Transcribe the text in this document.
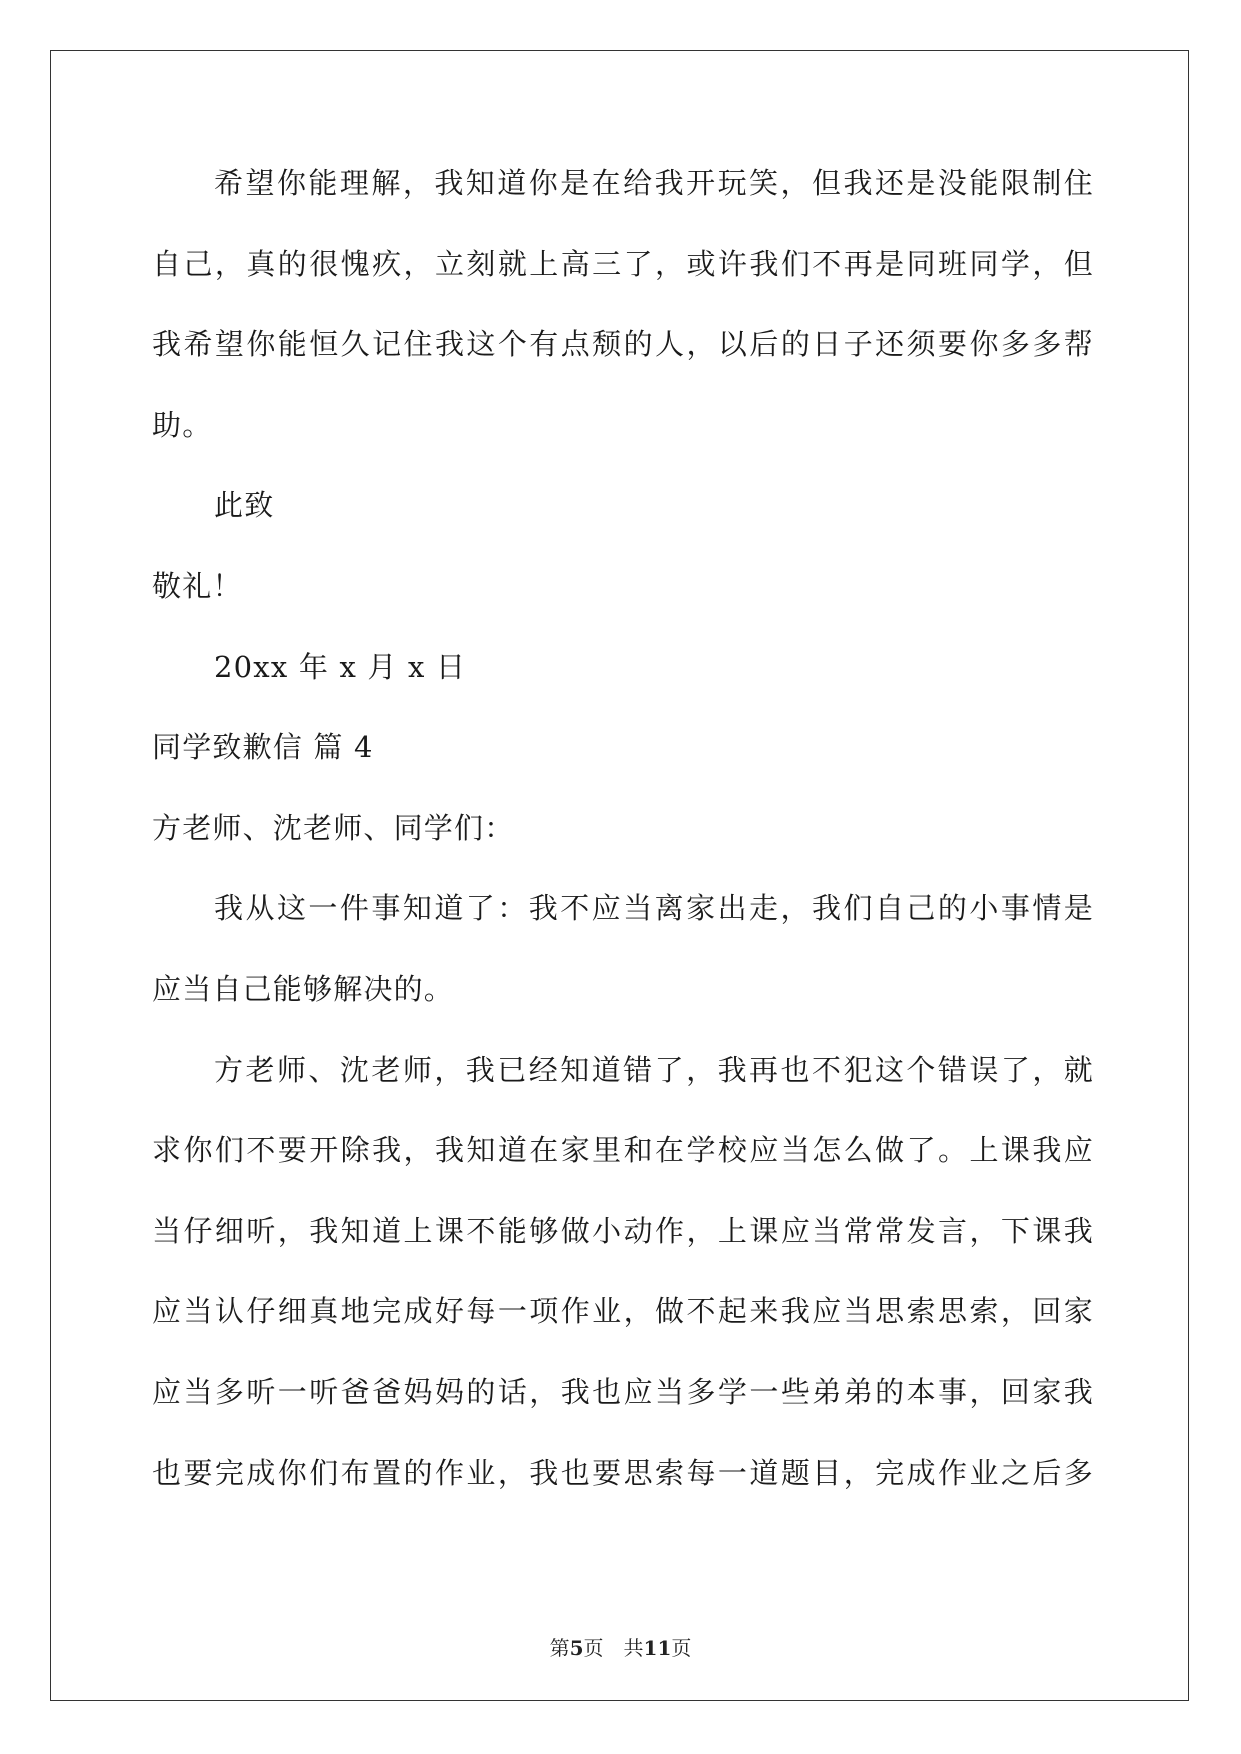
希望你能理解，我知道你是在给我开玩笑，但我还是没能限制住
自己，真的很愧疚，立刻就上高三了，或许我们不再是同班同学，但
我希望你能恒久记住我这个有点颓的人，以后的日子还须要你多多帮
助。
此致
敬礼！
20xx 年 x 月 x 日
同学致歉信 篇 4
方老师、沈老师、同学们：
我从这一件事知道了：我不应当离家出走，我们自己的小事情是
应当自己能够解决的。
方老师、沈老师，我已经知道错了，我再也不犯这个错误了，就
求你们不要开除我，我知道在家里和在学校应当怎么做了。上课我应
当仔细听，我知道上课不能够做小动作，上课应当常常发言，下课我
应当认仔细真地完成好每一项作业，做不起来我应当思索思索，回家
应当多听一听爸爸妈妈的话，我也应当多学一些弟弟的本事，回家我
也要完成你们布置的作业，我也要思索每一道题目，完成作业之后多
第5页　共11页
